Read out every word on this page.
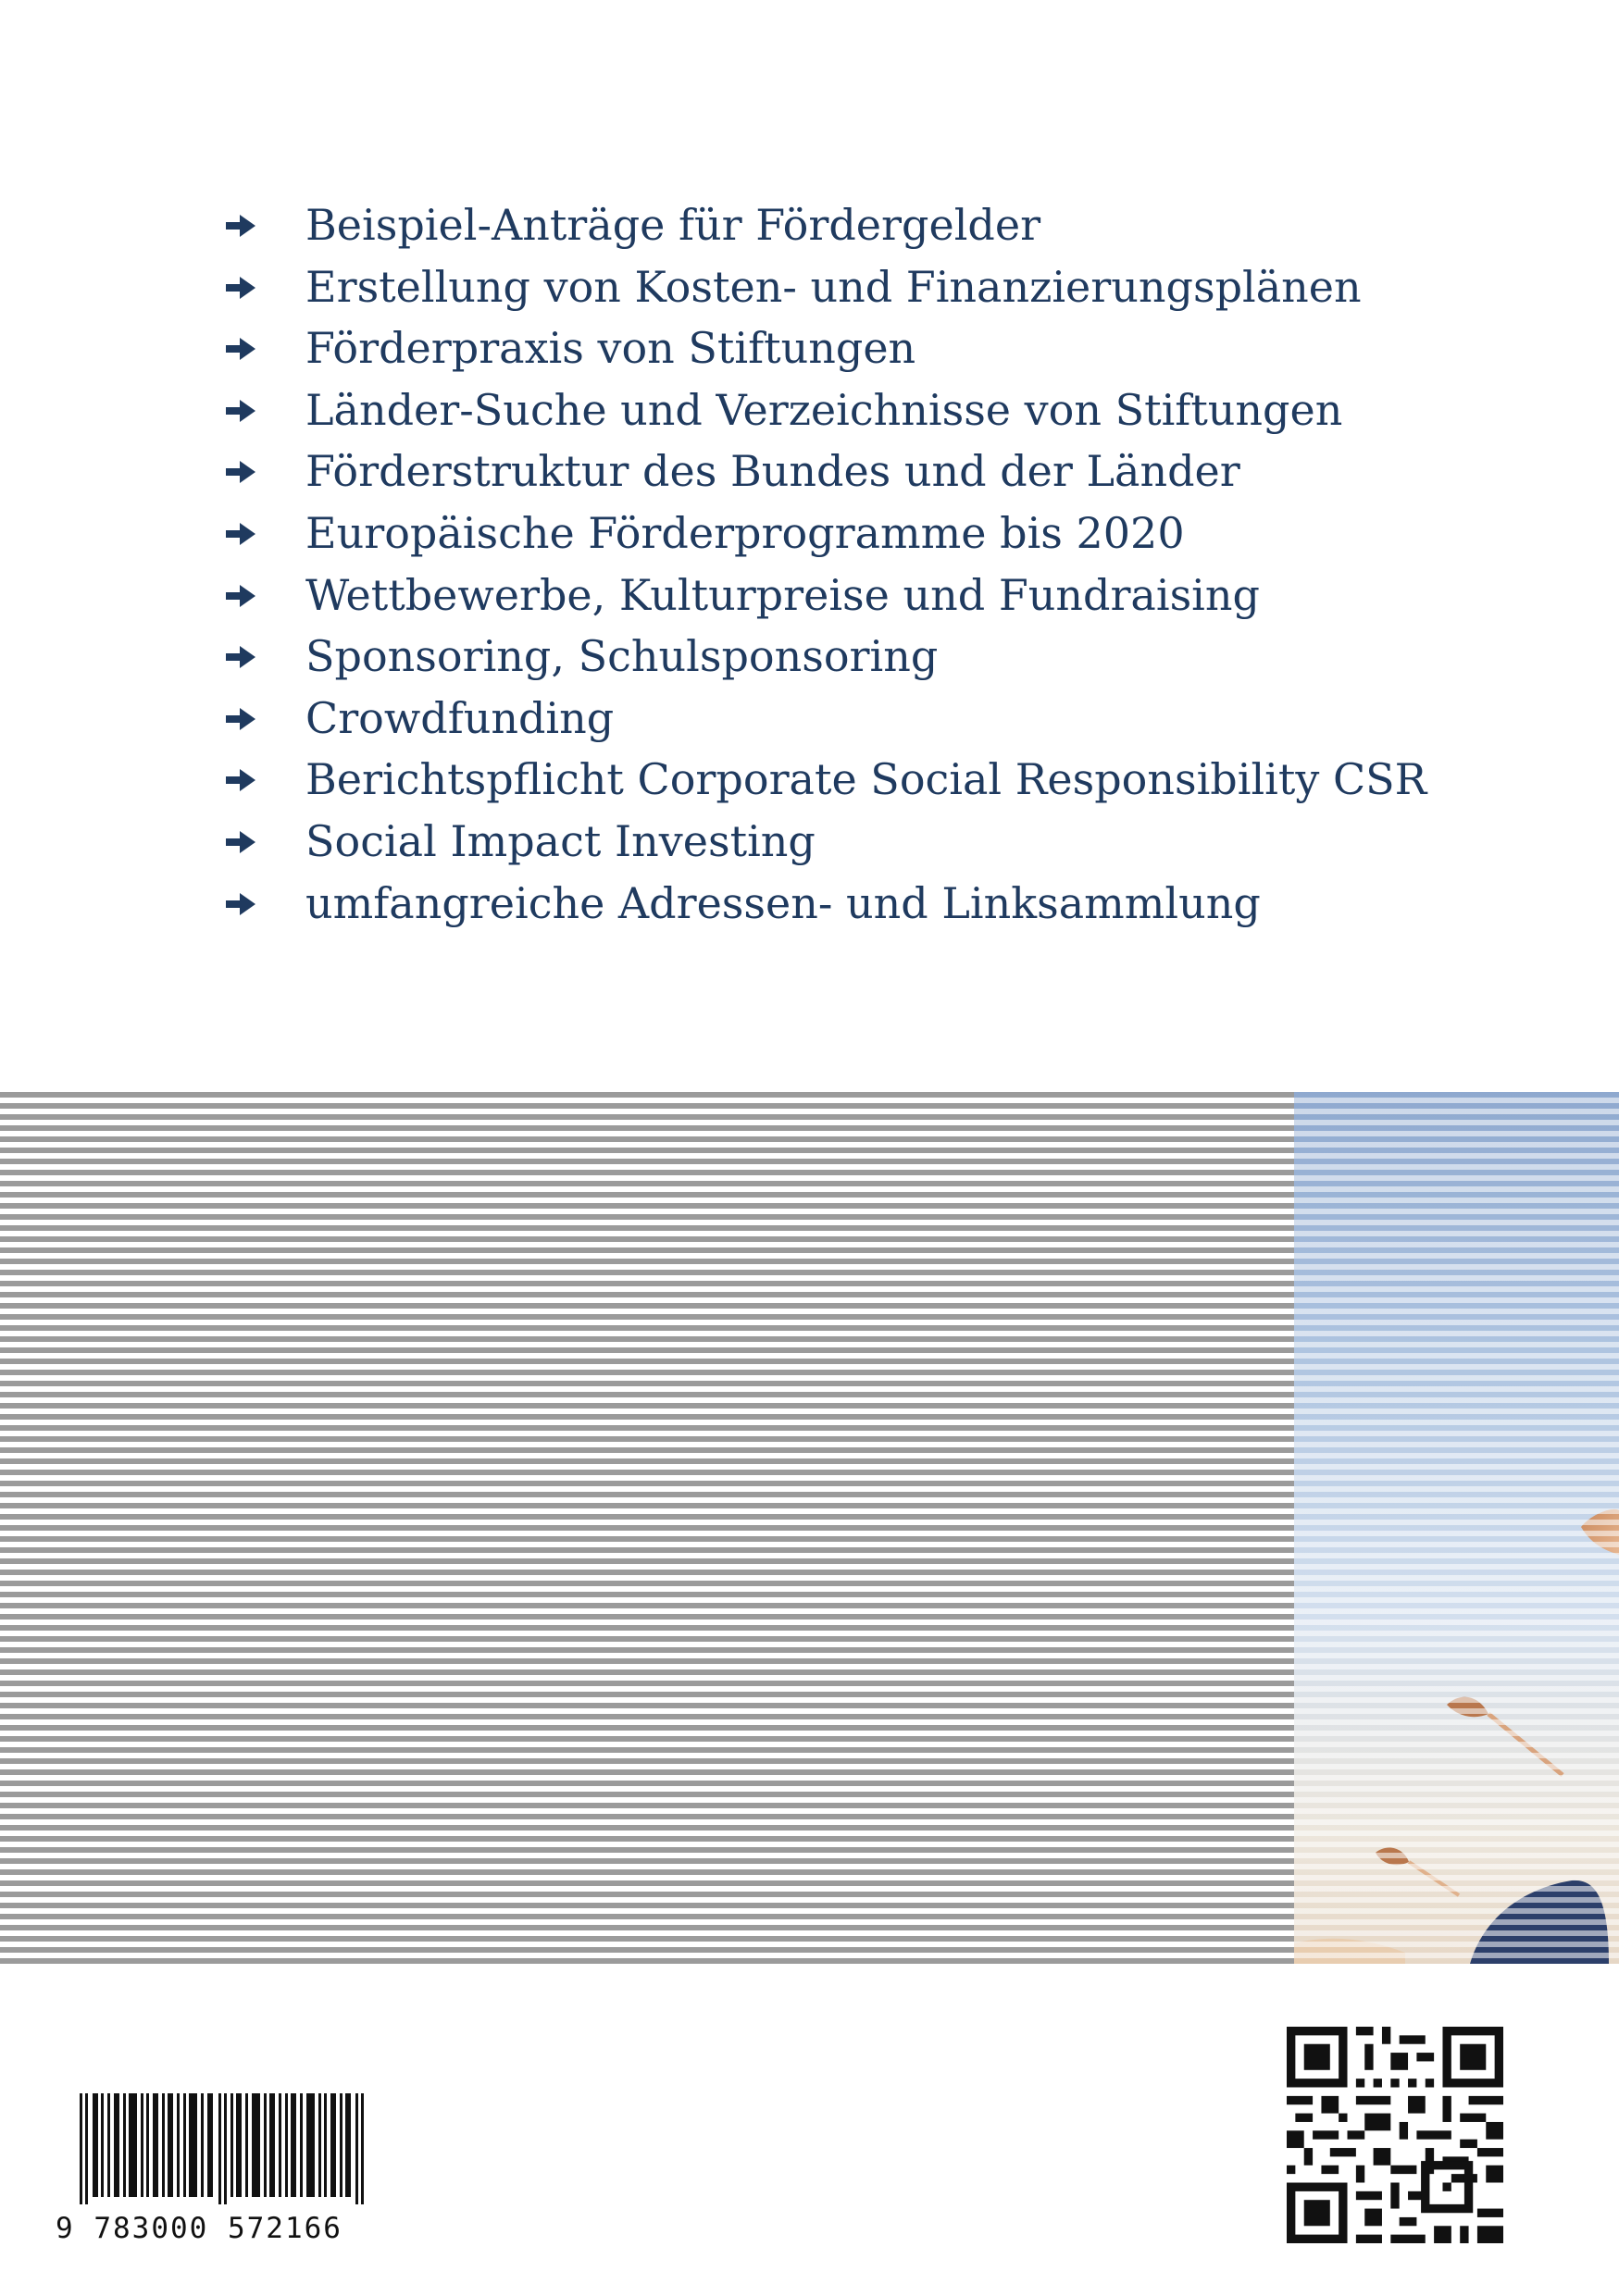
Beispiel-Anträge für Fördergelder
Erstellung von Kosten- und Finanzierungsplänen
Förderpraxis von Stiftungen
Länder-Suche und Verzeichnisse von Stiftungen
Förderstruktur des Bundes und der Länder
Europäische Förderprogramme bis 2020
Wettbewerbe, Kulturpreise und Fundraising
Sponsoring, Schulsponsoring
Crowdfunding
Berichtspflicht Corporate Social Responsibility CSR
Social Impact Investing
umfangreiche Adressen- und Linksammlung
9 783000 572166
